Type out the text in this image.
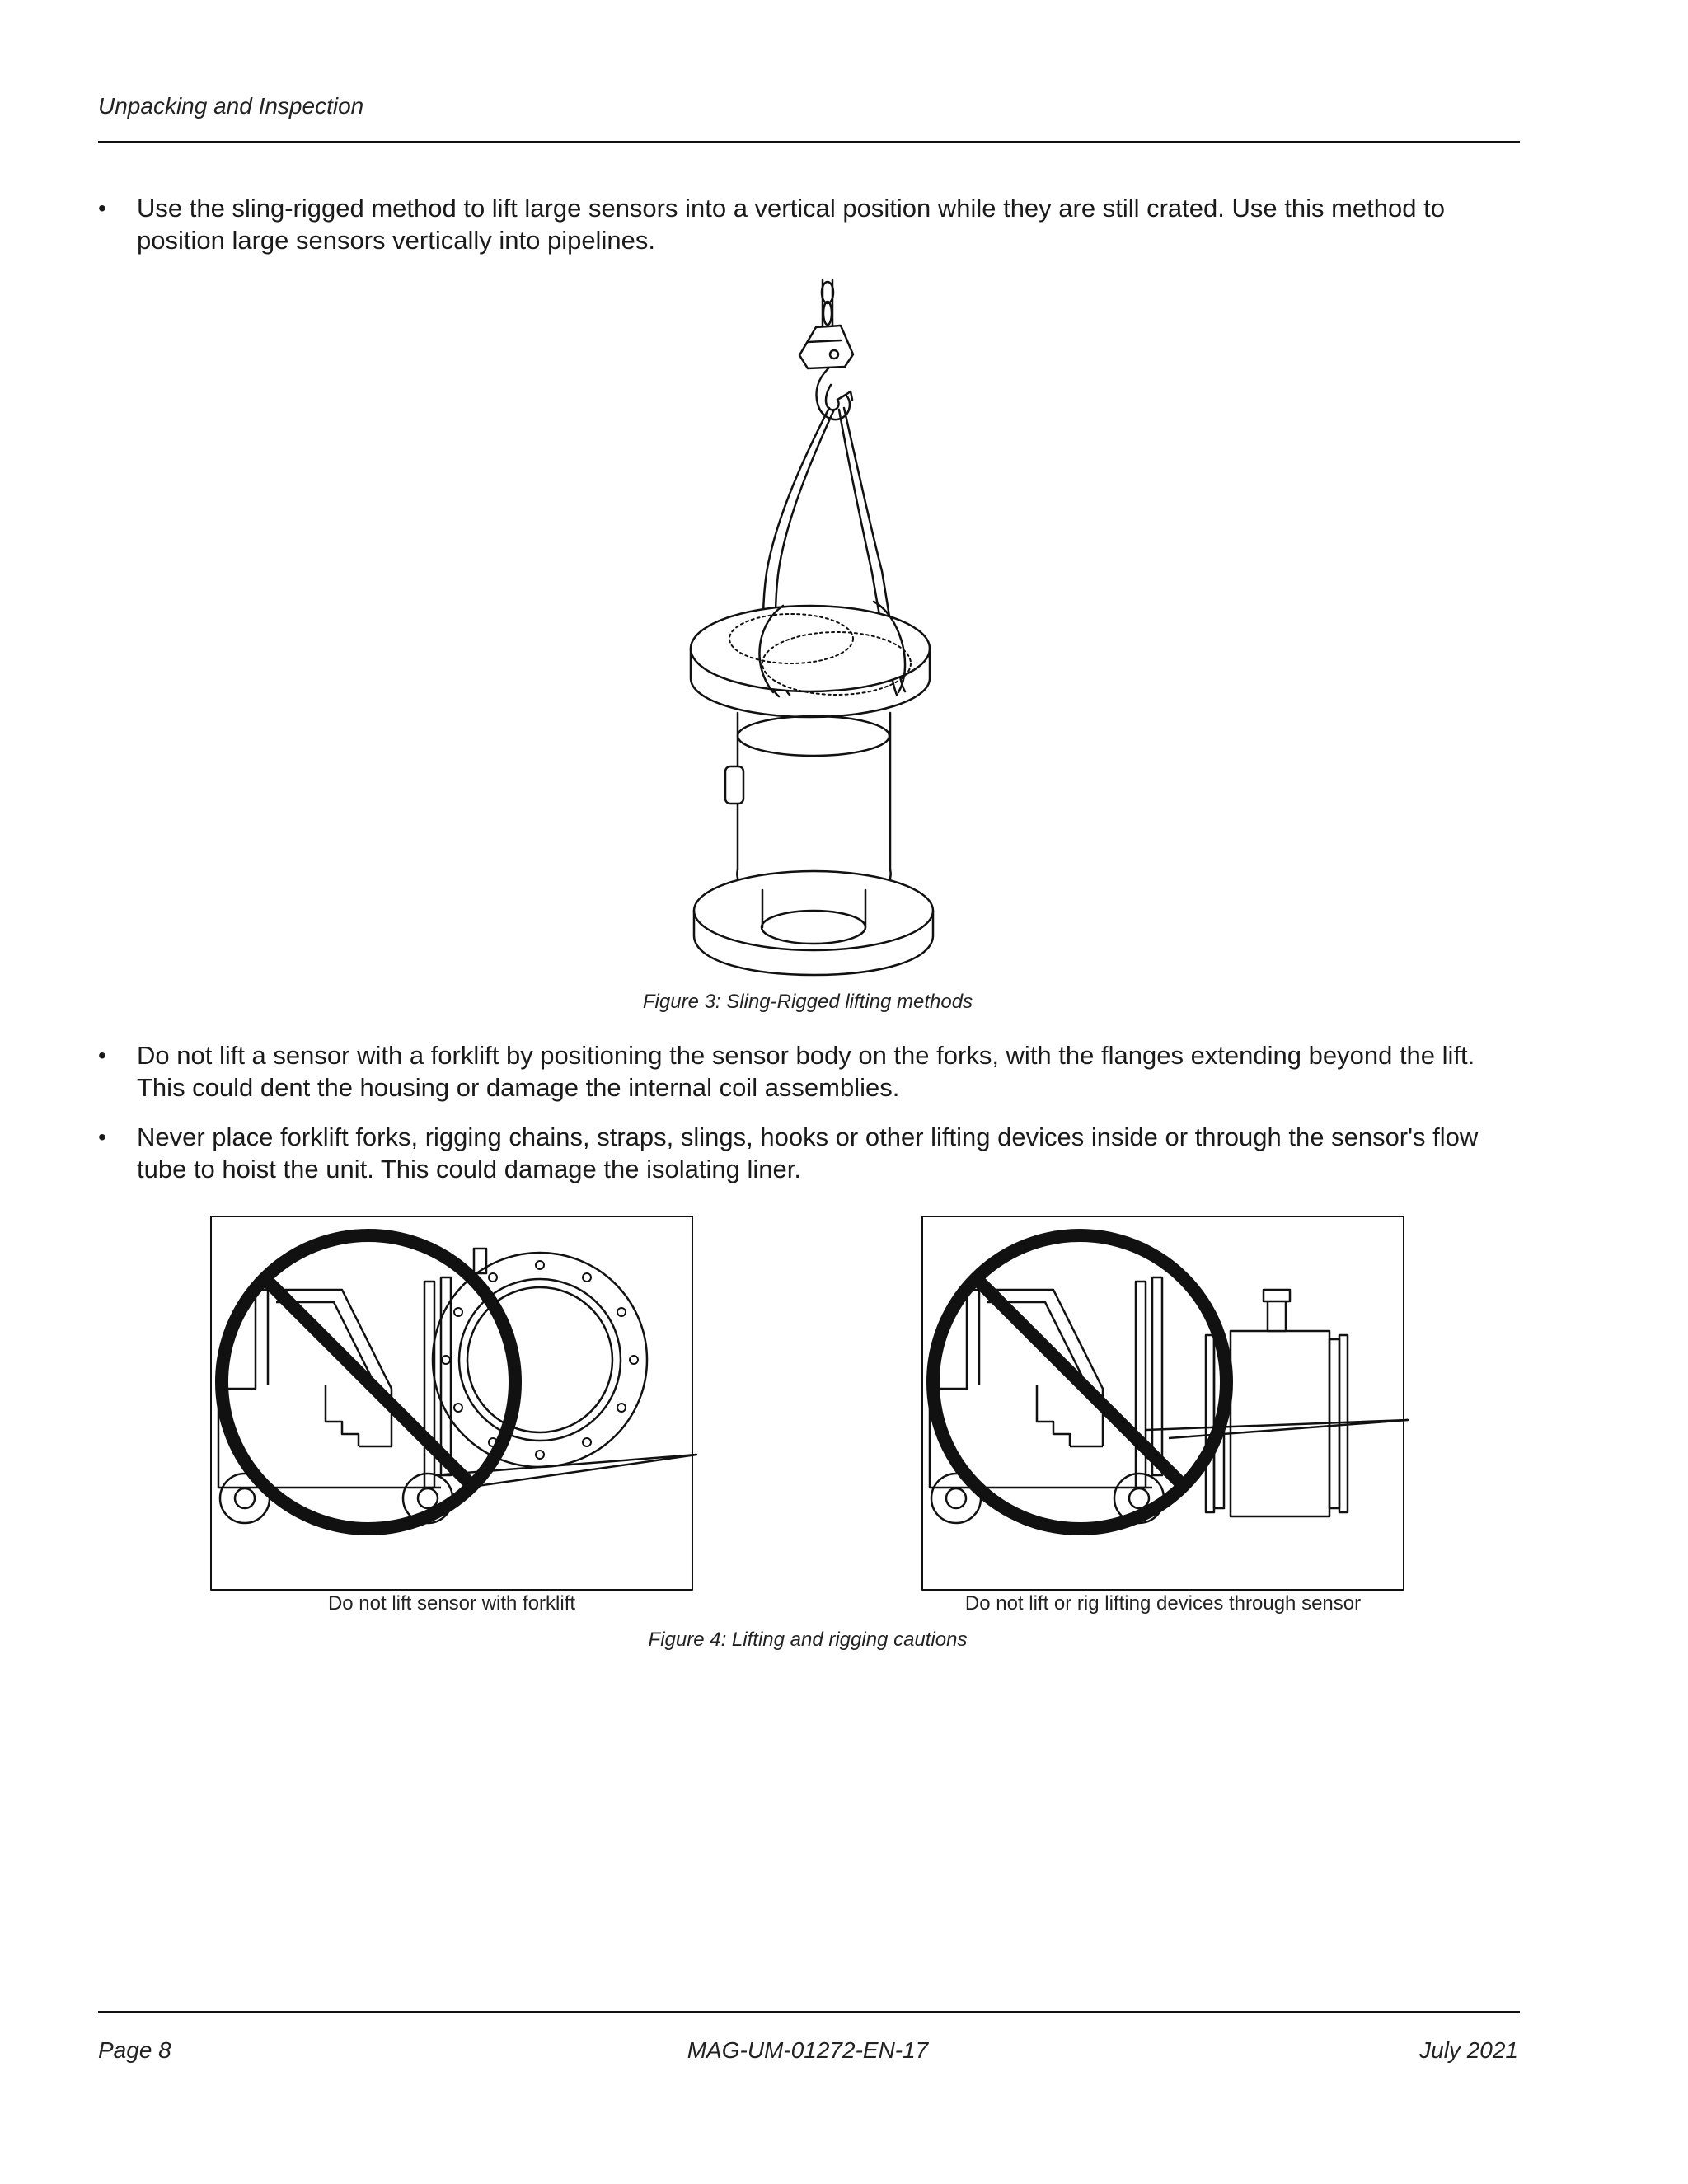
Unpacking and Inspection
• Use the sling-rigged method to lift large sensors into a vertical position while they are still crated. Use this method to position large sensors vertically into pipelines.
Figure 3: Sling-Rigged lifting methods
• Do not lift a sensor with a forklift by positioning the sensor body on the forks, with the flanges extending beyond the lift. This could dent the housing or damage the internal coil assemblies.
• Never place forklift forks, rigging chains, straps, slings, hooks or other lifting devices inside or through the sensor's flow tube to hoist the unit. This could damage the isolating liner.
Do not lift sensor with forklift	Do not lift or rig lifting devices through sensor
Figure 4: Lifting and rigging cautions
Page 8	MAG-UM-01272-EN-17	July 2021
